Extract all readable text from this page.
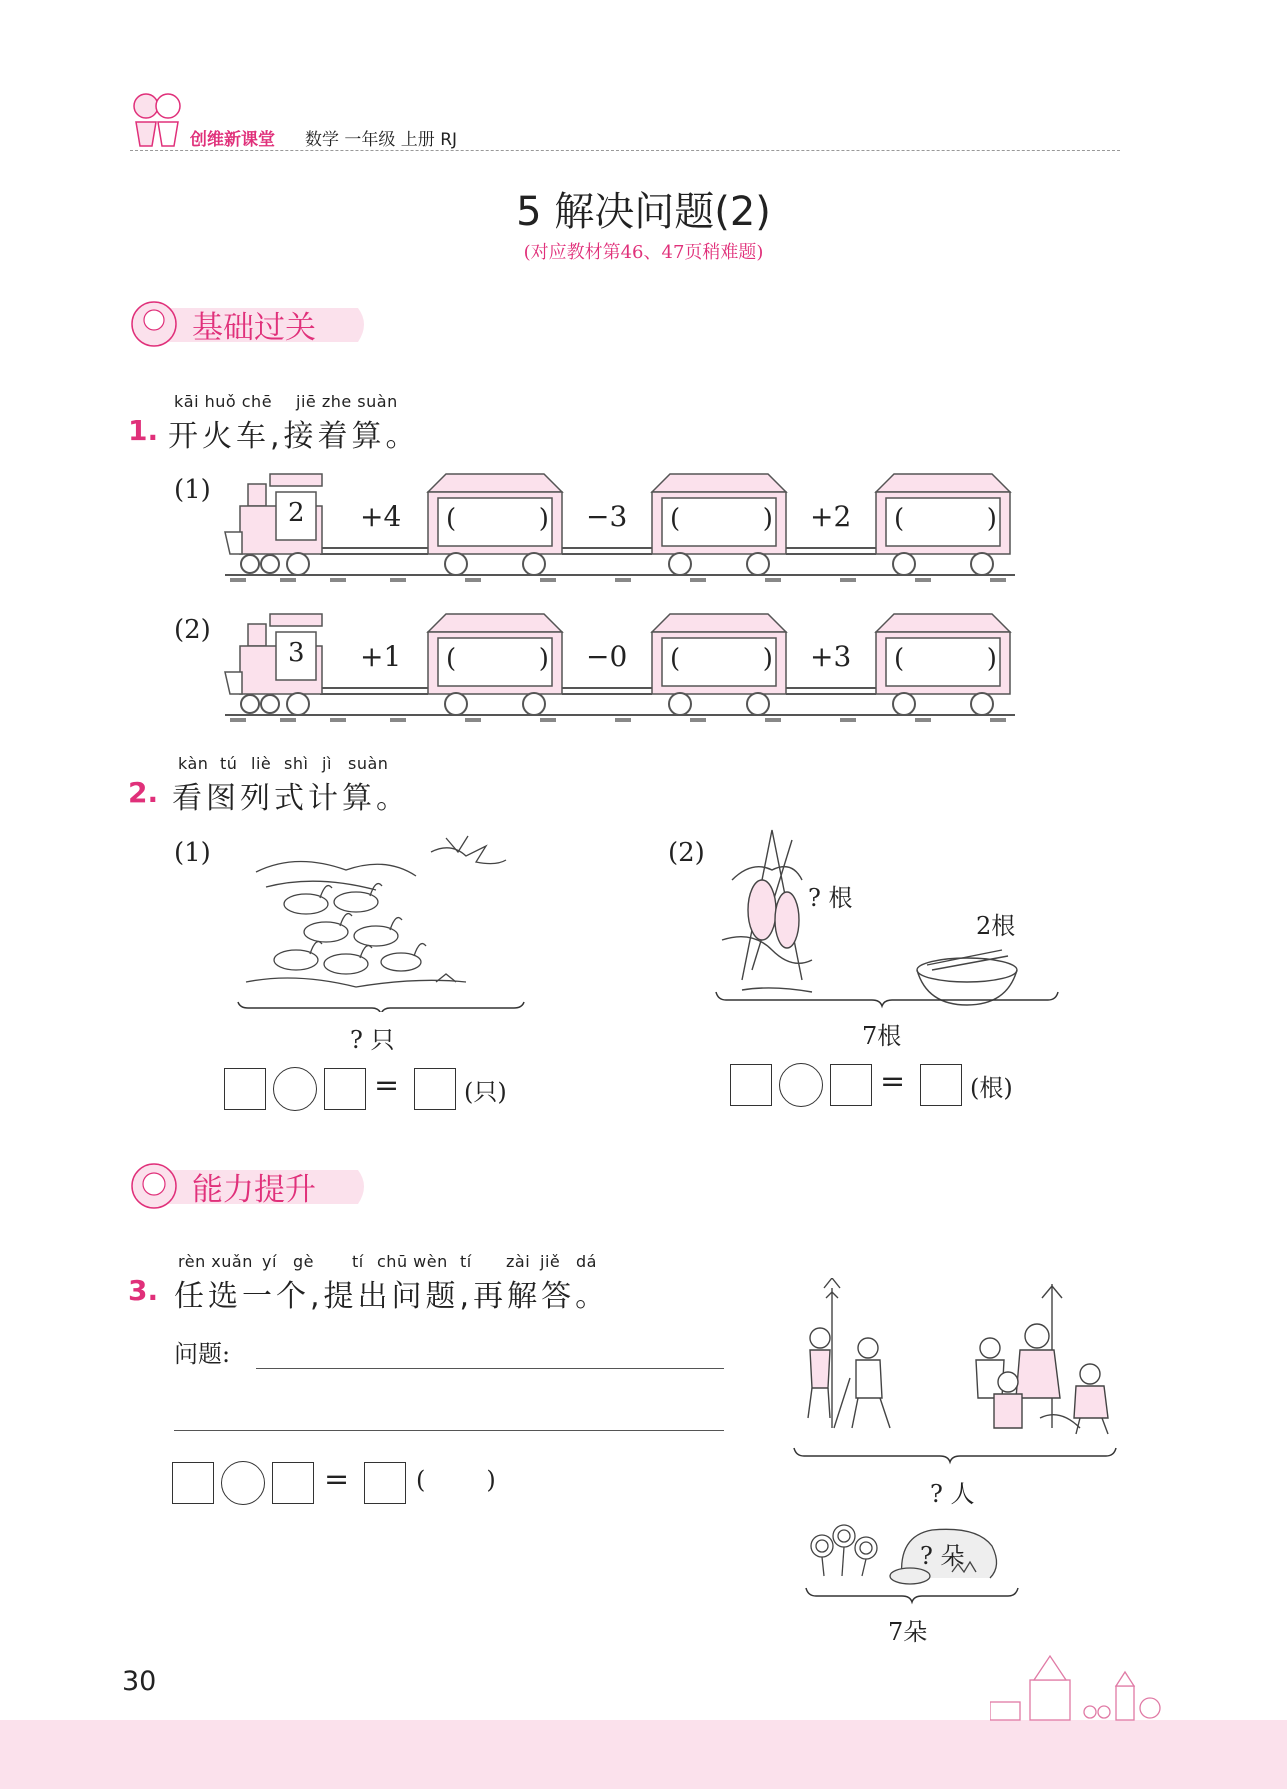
创维新课堂 数学 一年级 上册 RJ
5 解决问题(2)
(对应教材第46、47页稍难题)
基础过关
kāi huǒ chē jiē zhe suàn
1. 开火车,接着算。
(1)
2 +4 (          ) −3 (          ) +2 (          )
(2)
3 +1 (          ) −0 (          ) +3 (          )
kàn tú liè shì jì suàn
2. 看图列式计算。
(1)
? 只
=	(只)
(2)
? 根
2根
7根
=	(根)
能力提升
rèn xuǎn yí gè tí chū wèn tí zài jiě dá
3. 任选一个,提出问题,再解答。
问题:
=	(        )	? 人
? 朵
7朵
30
